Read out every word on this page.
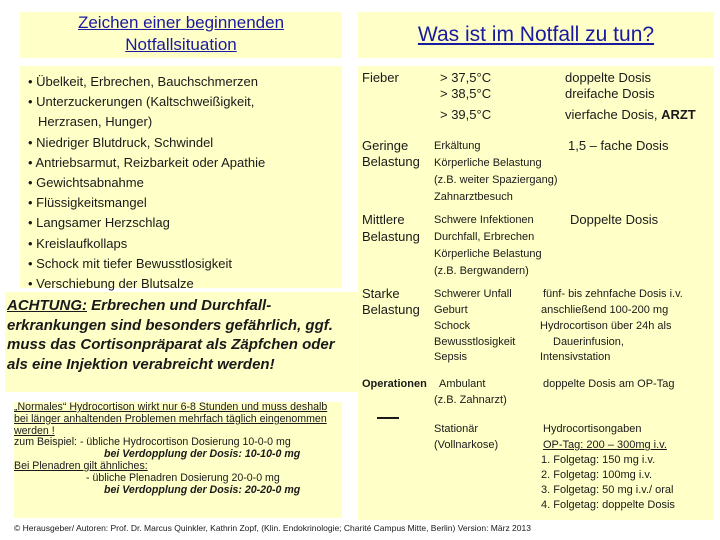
Zeichen einer beginnenden Notfallsituation
• Übelkeit, Erbrechen, Bauchschmerzen
• Unterzuckerungen (Kaltschweißigkeit,
Herzrasen, Hunger)
• Niedriger Blutdruck, Schwindel
• Antriebsarmut, Reizbarkeit oder Apathie
• Gewichtsabnahme
• Flüssigkeitsmangel
• Langsamer Herzschlag
• Kreislaufkollaps
• Schock mit tiefer Bewusstlosigkeit
• Verschiebung der Blutsalze
ACHTUNG: Erbrechen und Durchfall-erkrankungen sind besonders gefährlich, ggf. muss das Cortisonpräparat als Zäpfchen oder als eine Injektion verabreicht werden!
„Normales“ Hydrocortison wirkt nur 6-8 Stunden und muss deshalb bei länger anhaltenden Problemen mehrfach täglich eingenommen werden !
zum Beispiel: - übliche Hydrocortison Dosierung 10-0-0 mg
bei Verdopplung der Dosis: 10-10-0 mg
Bei Plenadren gilt ähnliches:
- übliche Plenadren Dosierung 20-0-0 mg
bei Verdopplung der Dosis: 20-20-0 mg
Was ist im Notfall zu tun?
Fieber	> 37,5°C
> 38,5°C
> 39,5°C
doppelte Dosis
dreifache Dosis
vierfache Dosis, ARZT
Geringe
Belastung
Erkältung
Körperliche Belastung
(z.B. weiter Spaziergang)
Zahnarztbesuch
1,5 – fache Dosis
Mittlere
Belastung
Schwere Infektionen
Durchfall, Erbrechen
Körperliche Belastung
(z.B. Bergwandern)
Doppelte Dosis
Starke
Belastung
Schwerer Unfall
Geburt
Schock
Bewusstlosigkeit
Sepsis
fünf- bis zehnfache Dosis i.v.
anschließend 100-200 mg
Hydrocortison über 24h als
Dauerinfusion,
Intensivstation
Operationen Ambulant
(z.B. Zahnarzt)
doppelte Dosis am OP-Tag
Stationär
(Vollnarkose)
Hydrocortisongaben
OP-Tag: 200 – 300mg i.v.
1. Folgetag: 150 mg i.v.
2. Folgetag: 100mg i.v.
3. Folgetag: 50 mg i.v./ oral
4. Folgetag: doppelte Dosis
© Herausgeber/ Autoren: Prof. Dr. Marcus Quinkler, Kathrin Zopf, (Klin. Endokrinologie; Charité Campus Mitte, Berlin) Version: März 2013
